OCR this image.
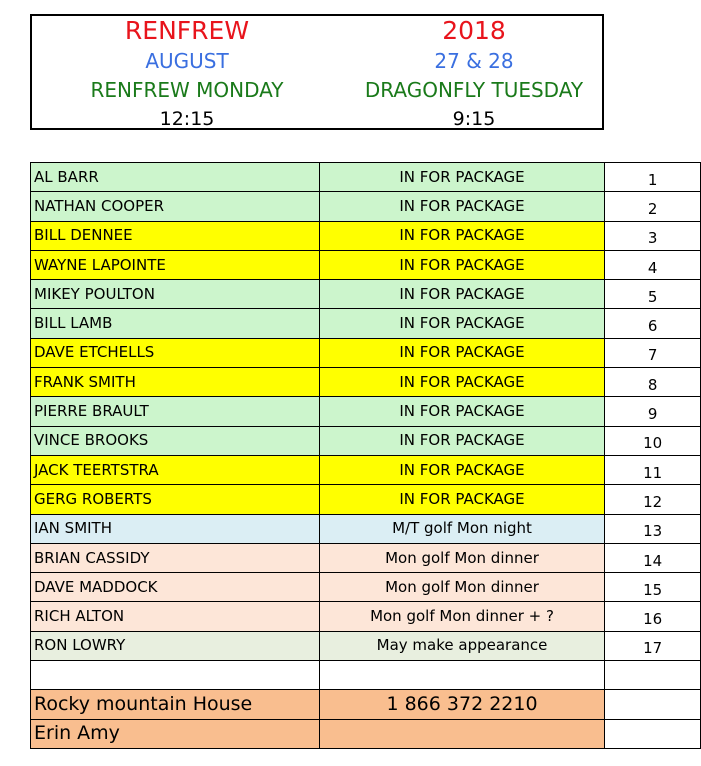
RENFREW
AUGUST
RENFREW MONDAY
12:15
2018
27 & 28
DRAGONFLY TUESDAY
9:15
AL BARR	IN FOR PACKAGE	1
NATHAN COOPER	IN FOR PACKAGE	2
BILL DENNEE	IN FOR PACKAGE	3
WAYNE LAPOINTE	IN FOR PACKAGE	4
MIKEY POULTON	IN FOR PACKAGE	5
BILL LAMB	IN FOR PACKAGE	6
DAVE ETCHELLS	IN FOR PACKAGE	7
FRANK SMITH	IN FOR PACKAGE	8
PIERRE BRAULT	IN FOR PACKAGE	9
VINCE BROOKS	IN FOR PACKAGE	10
JACK TEERTSTRA	IN FOR PACKAGE	11
GERG ROBERTS	IN FOR PACKAGE	12
IAN SMITH	M/T golf Mon night	13
BRIAN CASSIDY	Mon golf Mon dinner	14
DAVE MADDOCK	Mon golf Mon dinner	15
RICH ALTON	Mon golf Mon dinner + ?	16
RON LOWRY	May make appearance	17

Rocky mountain House	1 866 372 2210	
Erin Amy		
